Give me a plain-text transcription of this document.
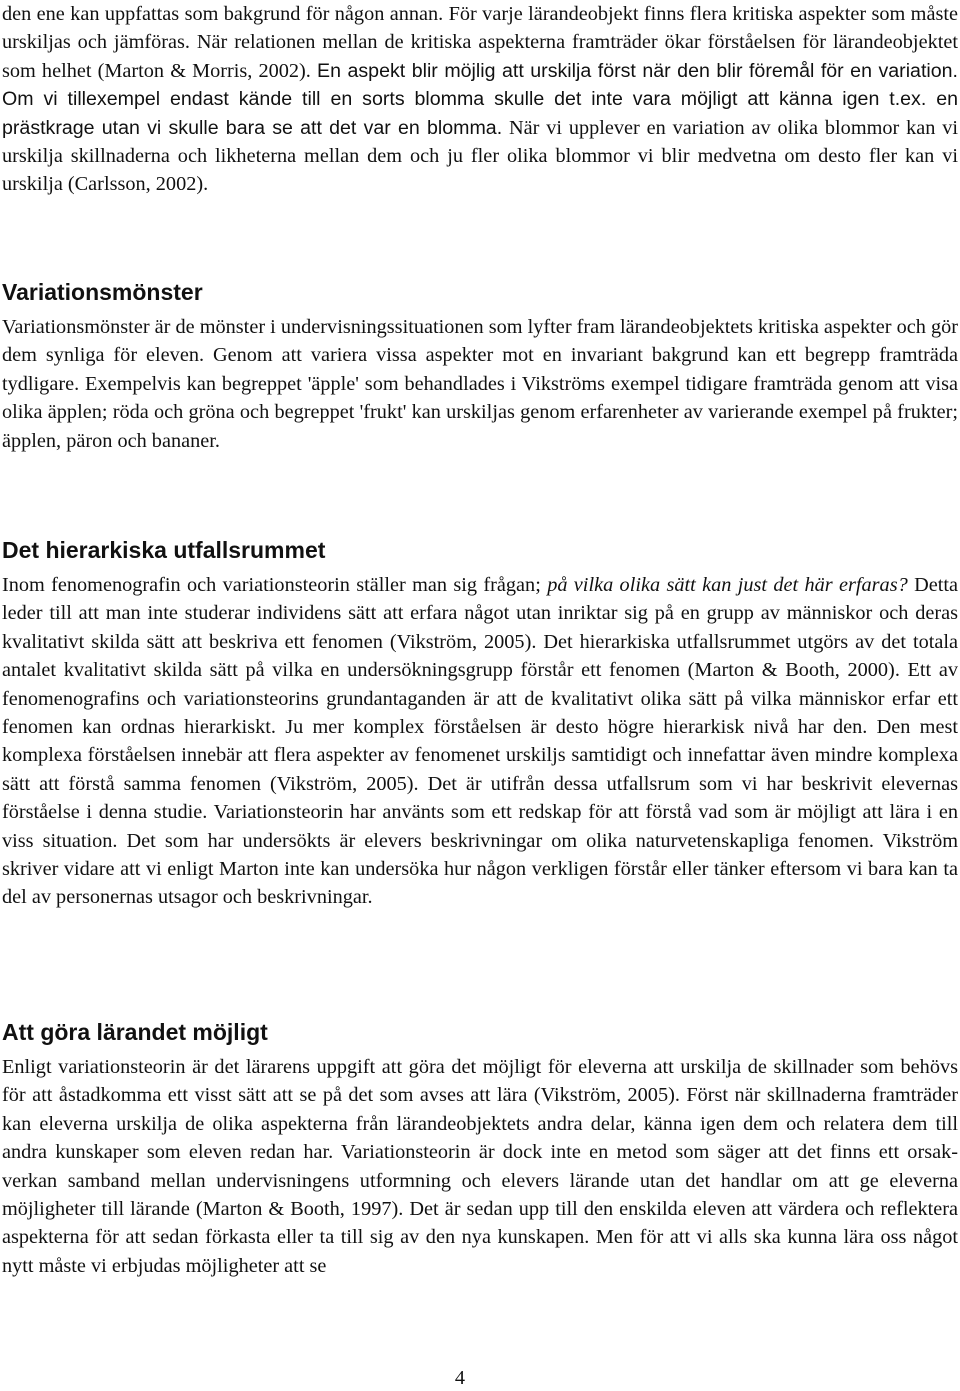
den ene kan uppfattas som bakgrund för någon annan. För varje lärandeobjekt finns flera kritiska aspekter som måste urskiljas och jämföras. När relationen mellan de kritiska aspekterna framträder ökar förståelsen för lärandeobjektet som helhet (Marton & Morris, 2002). En aspekt blir möjlig att urskilja först när den blir föremål för en variation. Om vi tillexempel endast kände till en sorts blomma skulle det inte vara möjligt att känna igen t.ex. en prästkrage utan vi skulle bara se att det var en blomma. När vi upplever en variation av olika blommor kan vi urskilja skillnaderna och likheterna mellan dem och ju fler olika blommor vi blir medvetna om desto fler kan vi urskilja (Carlsson, 2002).

Variationsmönster

Variationsmönster är de mönster i undervisningssituationen som lyfter fram lärandeobjektets kritiska aspekter och gör dem synliga för eleven. Genom att variera vissa aspekter mot en invariant bakgrund kan ett begrepp framträda tydligare. Exempelvis kan begreppet 'äpple' som behandlades i Vikströms exempel tidigare framträda genom att visa olika äpplen; röda och gröna och begreppet 'frukt' kan urskiljas genom erfarenheter av varierande exempel på frukter; äpplen, päron och bananer.

Det hierarkiska utfallsrummet

Inom fenomenografin och variationsteorin ställer man sig frågan; på vilka olika sätt kan just det här erfaras? Detta leder till att man inte studerar individens sätt att erfara något utan inriktar sig på en grupp av människor och deras kvalitativt skilda sätt att beskriva ett fenomen (Vikström, 2005). Det hierarkiska utfallsrummet utgörs av det totala antalet kvalitativt skilda sätt på vilka en undersökningsgrupp förstår ett fenomen (Marton & Booth, 2000). Ett av fenomenografins och variationsteorins grundantaganden är att de kvalitativt olika sätt på vilka människor erfar ett fenomen kan ordnas hierarkiskt. Ju mer komplex förståelsen är desto högre hierarkisk nivå har den. Den mest komplexa förståelsen innebär att flera aspekter av fenomenet urskiljs samtidigt och innefattar även mindre komplexa sätt att förstå samma fenomen (Vikström, 2005). Det är utifrån dessa utfallsrum som vi har beskrivit elevernas förståelse i denna studie. Variationsteorin har använts som ett redskap för att förstå vad som är möjligt att lära i en viss situation. Det som har undersökts är elevers beskrivningar om olika naturvetenskapliga fenomen. Vikström skriver vidare att vi enligt Marton inte kan undersöka hur någon verkligen förstår eller tänker eftersom vi bara kan ta del av personernas utsagor och beskrivningar.

Att göra lärandet möjligt

Enligt variationsteorin är det lärarens uppgift att göra det möjligt för eleverna att urskilja de skillnader som behövs för att åstadkomma ett visst sätt att se på det som avses att lära (Vikström, 2005). Först när skillnaderna framträder kan eleverna urskilja de olika aspekterna från lärandeobjektets andra delar, känna igen dem och relatera dem till andra kunskaper som eleven redan har. Variationsteorin är dock inte en metod som säger att det finns ett orsak- verkan samband mellan undervisningens utformning och elevers lärande utan det handlar om att ge eleverna möjligheter till lärande (Marton & Booth, 1997). Det är sedan upp till den enskilda eleven att värdera och reflektera aspekterna för att sedan förkasta eller ta till sig av den nya kunskapen. Men för att vi alls ska kunna lära oss något nytt måste vi erbjudas möjligheter att se

4
